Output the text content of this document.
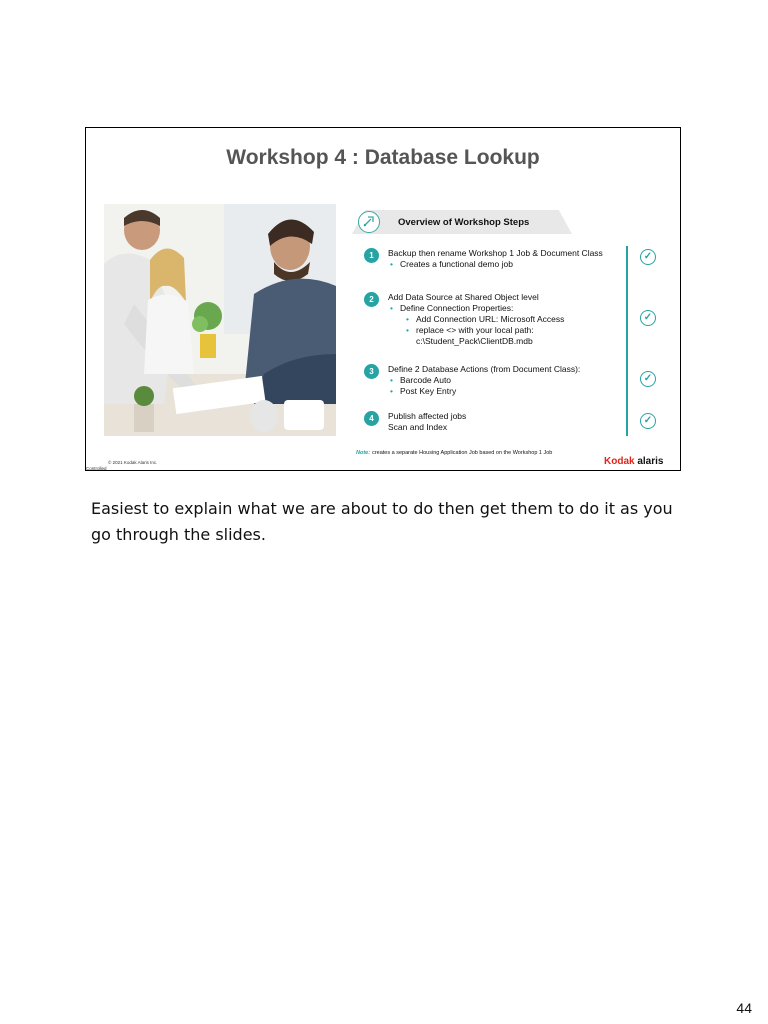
Workshop 4 : Database Lookup
Overview of Workshop Steps
1	Backup then rename Workshop 1 Job & Document Class
• Creates a functional demo job
2	Add Data Source at Shared Object level
• Define Connection Properties:
• Add Connection URL: Microsoft Access
• replace <> with your local path: c:\Student_Pack\ClientDB.mdb
3	Define 2 Database Actions (from Document Class):
• Barcode Auto
• Post Key Entry
4	Publish affected jobs
Scan and Index
✓
✓
✓
✓
Note: creates a separate Housing Application Job based on the Workshop 1 Job
Kodak alaris
© 2021 Kodak Alaris Inc.
Controlled
Easiest to explain what we are about to do then get them to do it as you go through the slides.
44
